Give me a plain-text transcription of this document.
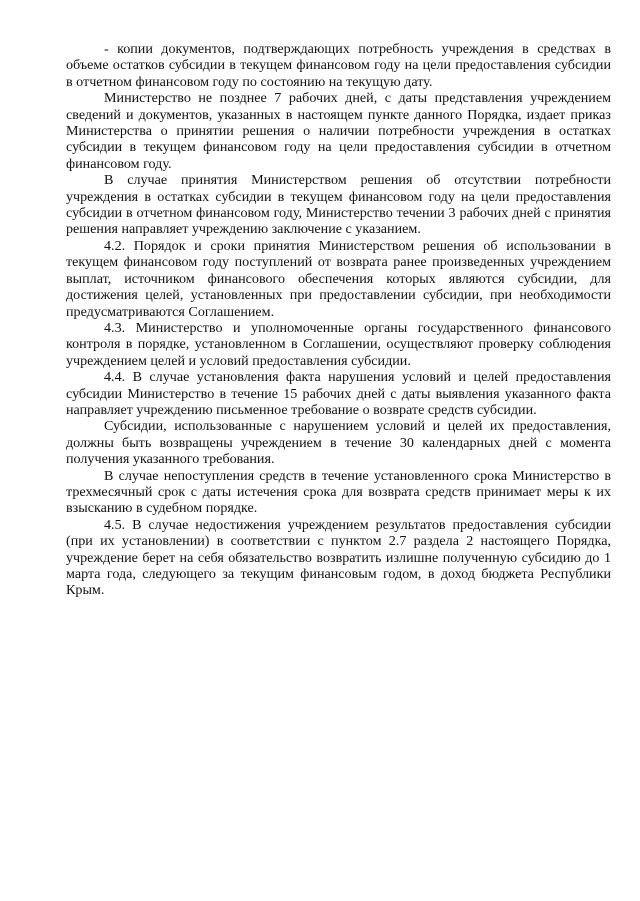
- копии документов, подтверждающих потребность учреждения в средствах в объеме остатков субсидии в текущем финансовом году на цели предоставления субсидии в отчетном финансовом году по состоянию на текущую дату.

Министерство не позднее 7 рабочих дней, с даты представления учреждением сведений и документов, указанных в настоящем пункте данного Порядка, издает приказ Министерства о принятии решения о наличии потребности учреждения в остатках субсидии в текущем финансовом году на цели предоставления субсидии в отчетном финансовом году.

В случае принятия Министерством решения об отсутствии потребности учреждения в остатках субсидии в текущем финансовом году на цели предоставления субсидии в отчетном финансовом году, Министерство течении 3 рабочих дней с принятия решения направляет учреждению заключение с указанием.

4.2. Порядок и сроки принятия Министерством решения об использовании в текущем финансовом году поступлений от возврата ранее произведенных учреждением выплат, источником финансового обеспечения которых являются субсидии, для достижения целей, установленных при предоставлении субсидии, при необходимости предусматриваются Соглашением.

4.3. Министерство и уполномоченные органы государственного финансового контроля в порядке, установленном в Соглашении, осуществляют проверку соблюдения учреждением целей и условий предоставления субсидии.

4.4. В случае установления факта нарушения условий и целей предоставления субсидии Министерство в течение 15 рабочих дней с даты выявления указанного факта направляет учреждению письменное требование о возврате средств субсидии.

Субсидии, использованные с нарушением условий и целей их предоставления, должны быть возвращены учреждением в течение 30 календарных дней с момента получения указанного требования.

В случае непоступления средств в течение установленного срока Министерство в трехмесячный срок с даты истечения срока для возврата средств принимает меры к их взысканию в судебном порядке.

4.5. В случае недостижения учреждением результатов предоставления субсидии (при их установлении) в соответствии с пунктом 2.7 раздела 2 настоящего Порядка, учреждение берет на себя обязательство возвратить излишне полученную субсидию до 1 марта года, следующего за текущим финансовым годом, в доход бюджета Республики Крым.
